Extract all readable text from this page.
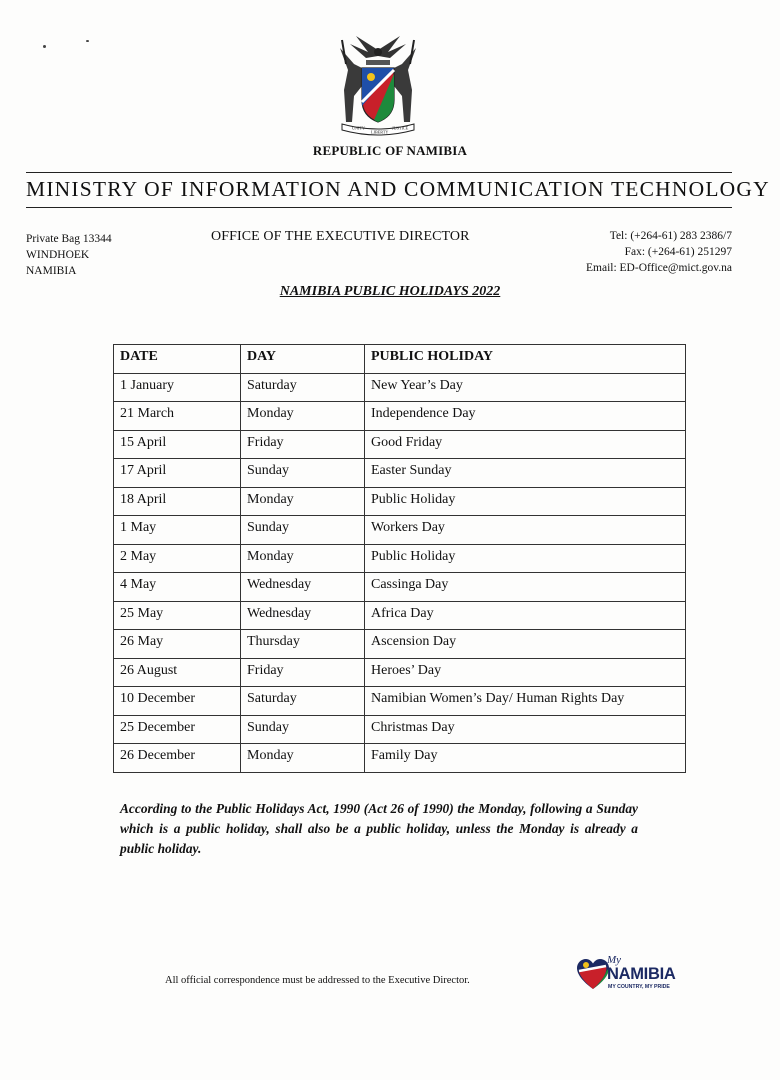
UNITY
LIBERTY
JUSTICE
REPUBLIC OF NAMIBIA
MINISTRY OF INFORMATION AND COMMUNICATION TECHNOLOGY
Private Bag 13344
WINDHOEK
NAMIBIA
OFFICE OF THE EXECUTIVE DIRECTOR	Tel: (+264-61) 283 2386/7
Fax: (+264-61) 251297
Email: ED-Office@mict.gov.na
NAMIBIA PUBLIC HOLIDAYS 2022
DATE	DAY	PUBLIC HOLIDAY
1 January	Saturday	New Year’s Day
21 March	Monday	Independence Day
15 April	Friday	Good Friday
17 April	Sunday	Easter Sunday
18 April	Monday	Public Holiday
1 May	Sunday	Workers Day
2 May	Monday	Public Holiday
4 May	Wednesday	Cassinga Day
25 May	Wednesday	Africa Day
26 May	Thursday	Ascension Day
26 August	Friday	Heroes’ Day
10 December	Saturday	Namibian Women’s Day/ Human Rights Day
25 December	Sunday	Christmas Day
26 December	Monday	Family Day
According to the Public Holidays Act, 1990 (Act 26 of 1990) the Monday, following a Sunday which is a public holiday, shall also be a public holiday, unless the Monday is already a public holiday.
All official correspondence must be addressed to the Executive Director.
My
NAMIBIA
MY COUNTRY, MY PRIDE
